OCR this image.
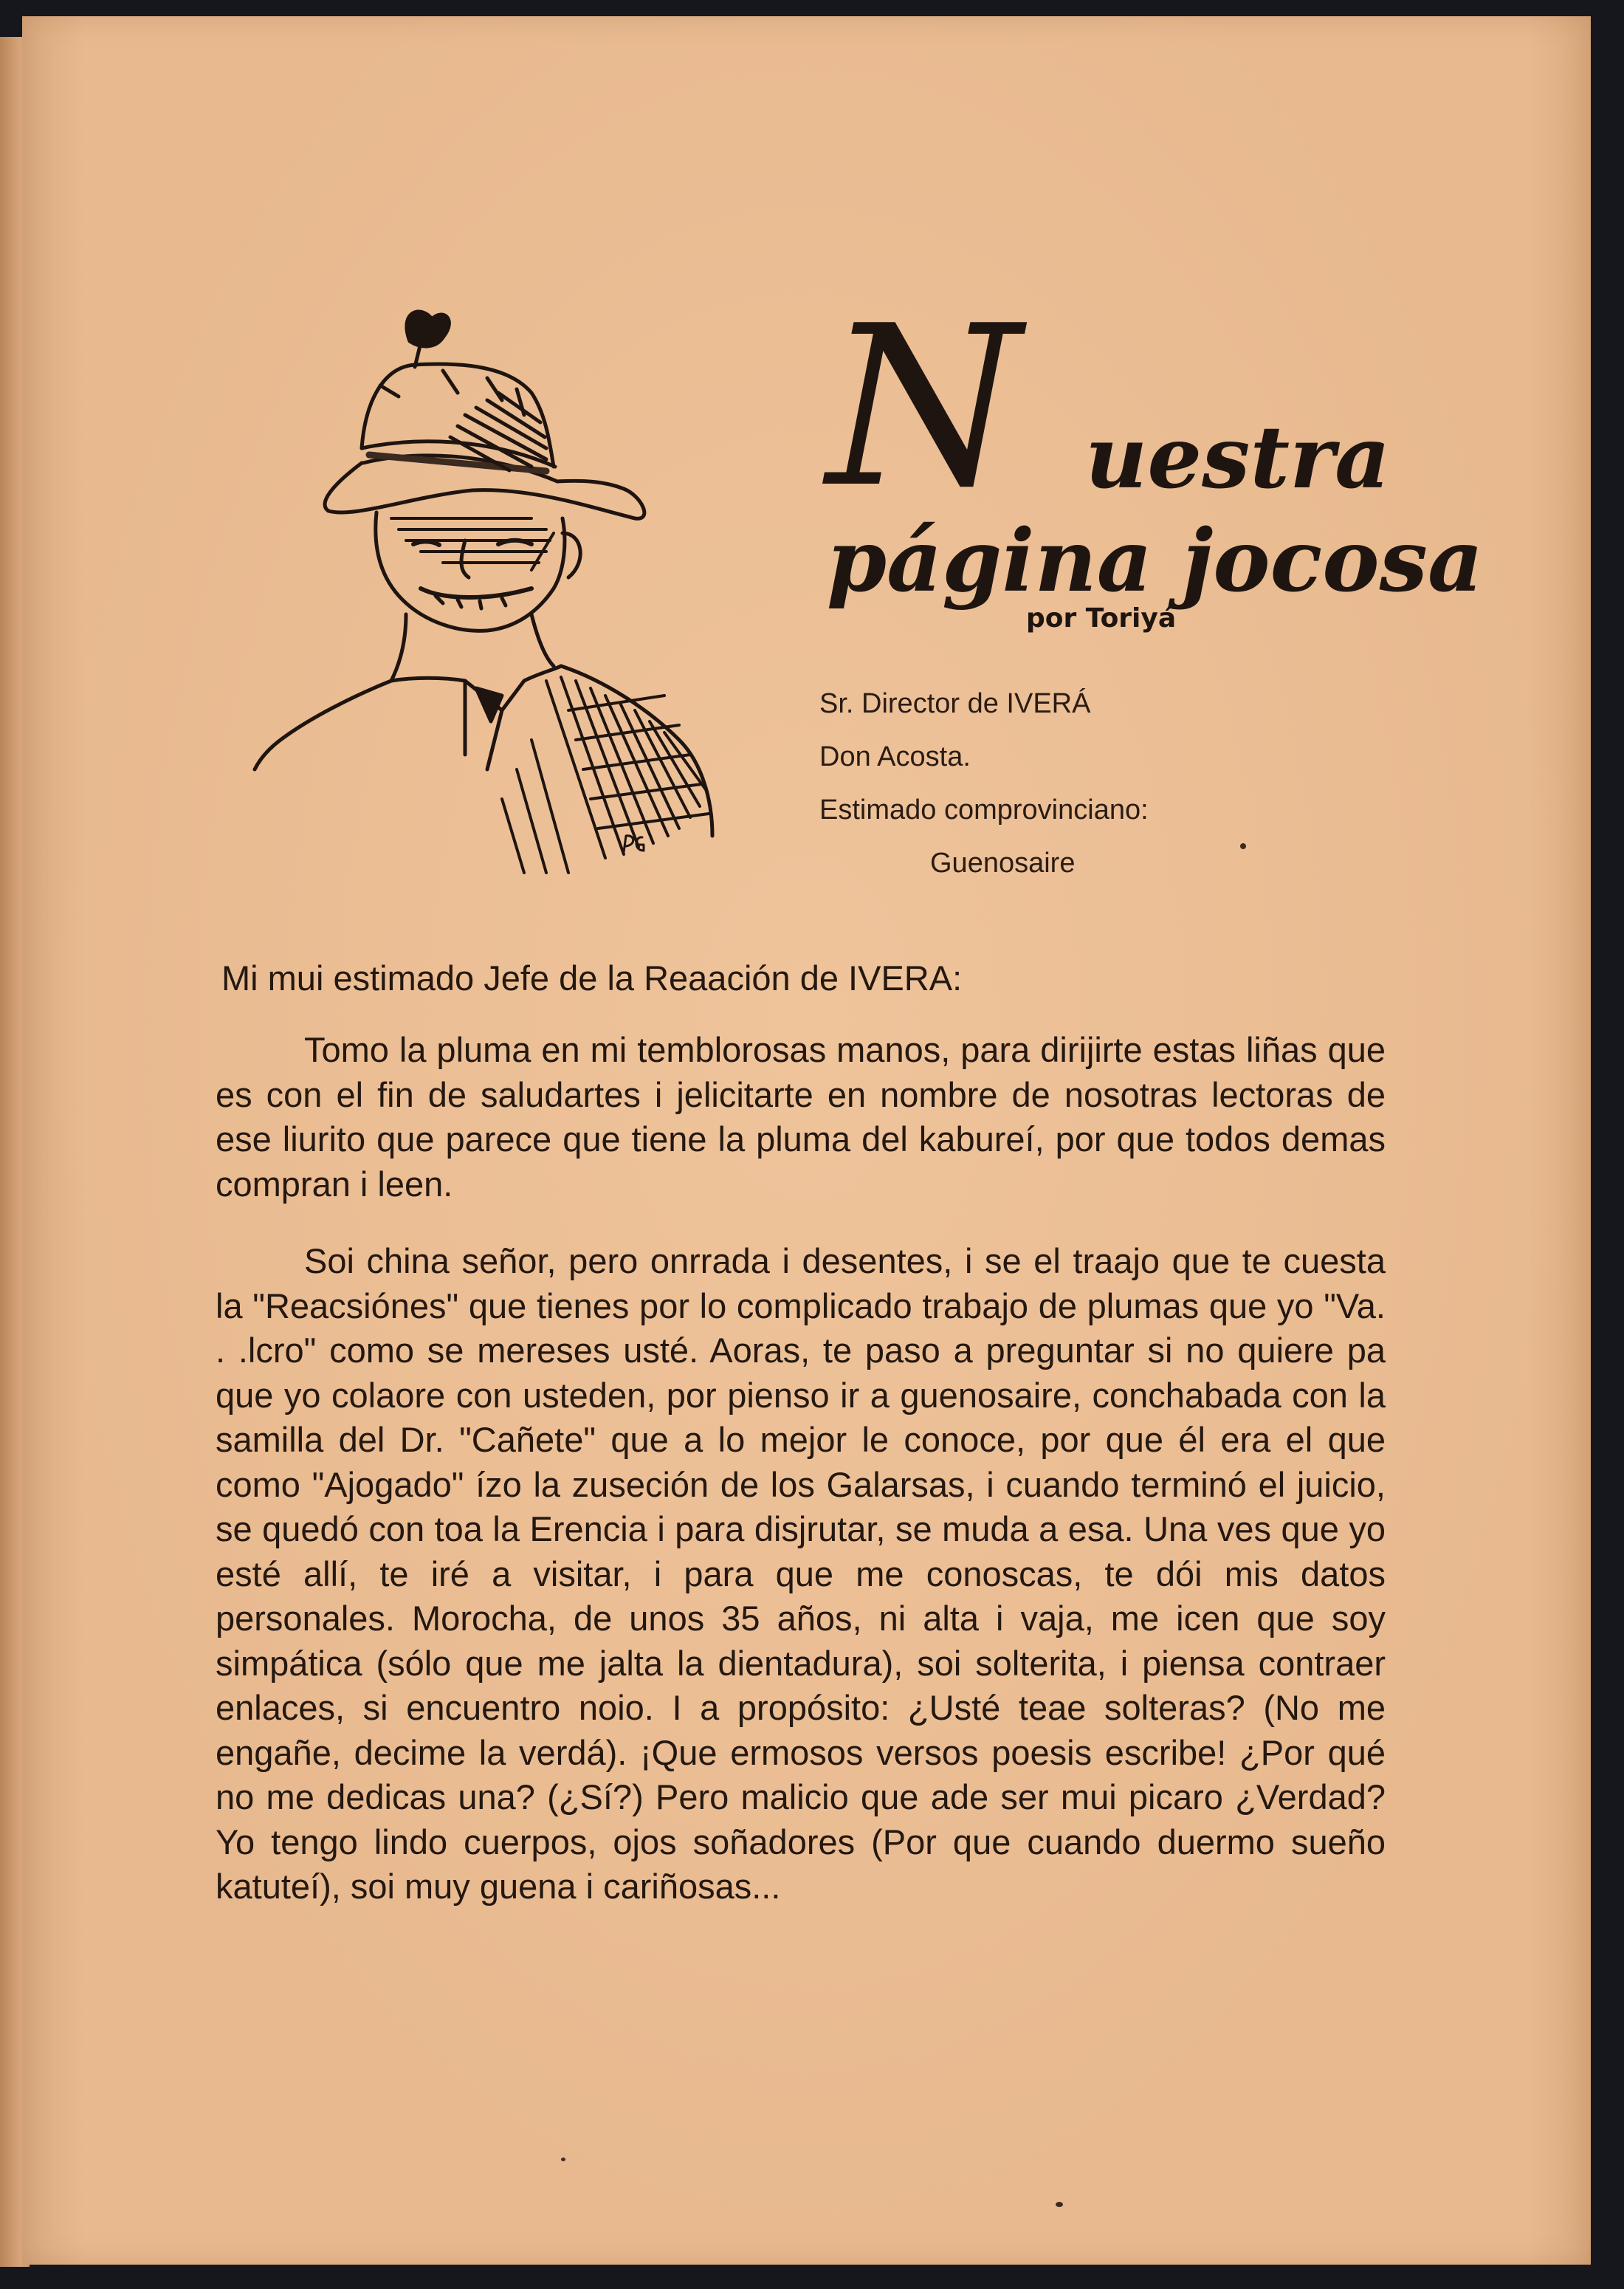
N uestra
página jocosa
por Toriyá
Sr. Director de IVERÁ
Don Acosta.
Estimado comprovinciano:
Guenosaire
Mi mui estimado Jefe de la Reaación de IVERA:

Tomo la pluma en mi temblorosas manos, para dirijirte estas liñas que es con el fin de saludartes i jelicitarte en nombre de nosotras lectoras de ese liurito que parece que tiene la pluma del kabureí, por que todos demas compran i leen.

Soi china señor, pero onrrada i desentes, i se el traajo que te cuesta la "Reacsiónes" que tienes por lo complicado trabajo de plumas que yo "Va. . .lcro" como se mereses usté. Aoras, te paso a preguntar si no quiere pa que yo colaore con usteden, por pienso ir a guenosaire, conchabada con la samilla del Dr. "Cañete" que a lo mejor le conoce, por que él era el que como "Ajogado" ízo la zuseción de los Galarsas, i cuando terminó el juicio, se quedó con toa la Erencia i para disjrutar, se muda a esa. Una ves que yo esté allí, te iré a visitar, i para que me conoscas, te dói mis datos personales. Morocha, de unos 35 años, ni alta i vaja, me icen que soy simpática (sólo que me jalta la dientadura), soi solterita, i piensa contraer enlaces, si encuentro noio. I a propósito: ¿Usté teae solteras? (No me engañe, decime la verdá). ¡Que ermosos versos poesis escribe! ¿Por qué no me dedicas una? (¿Sí?) Pero malicio que ade ser mui picaro ¿Verdad? Yo tengo lindo cuerpos, ojos soñadores (Por que cuando duermo sueño katuteí), soi muy guena i cariñosas...
